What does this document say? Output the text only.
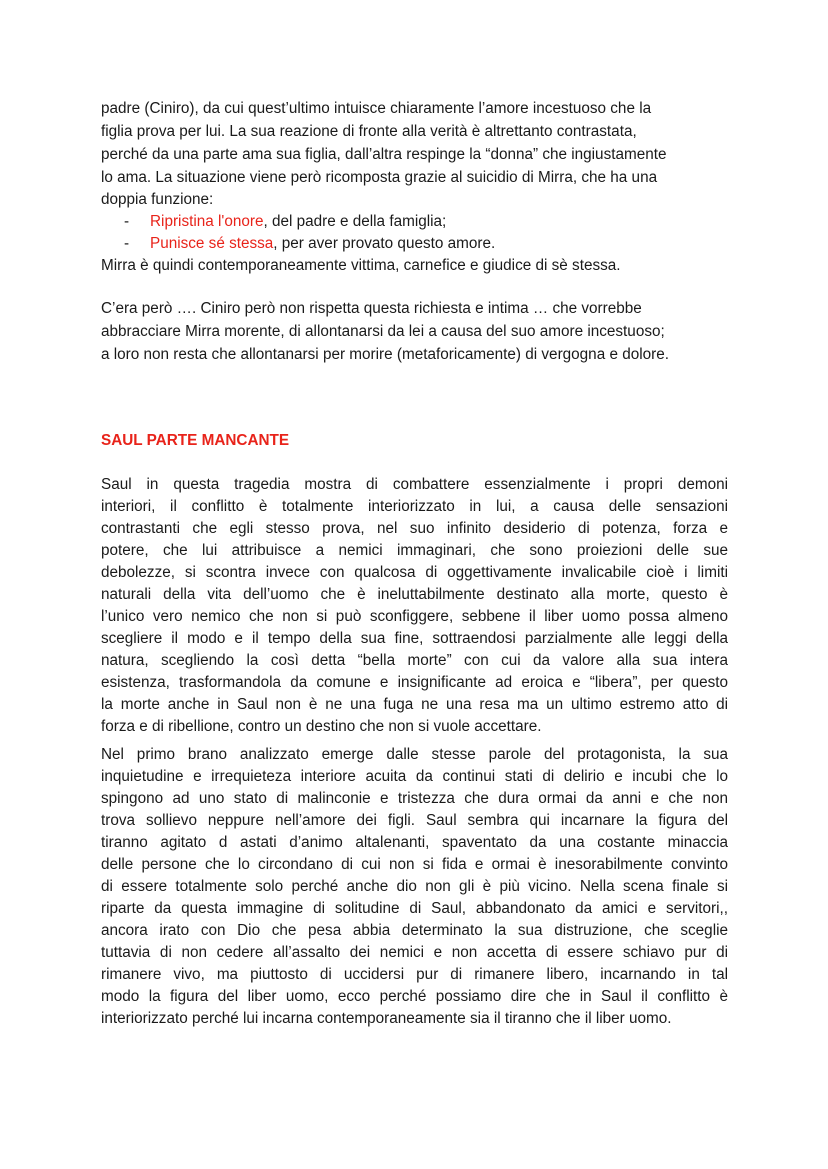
padre (Ciniro), da cui quest’ultimo intuisce chiaramente l’amore incestuoso che la
figlia prova per lui. La sua reazione di fronte alla verità è altrettanto contrastata,
perché da una parte ama sua figlia, dall’altra respinge la “donna” che ingiustamente
lo ama. La situazione viene però ricomposta grazie al suicidio di Mirra, che ha una
doppia funzione:
- Ripristina l'onore, del padre e della famiglia;
- Punisce sé stessa, per aver provato questo amore.
Mirra è quindi contemporaneamente vittima, carnefice e giudice di sè stessa.
C’era però …. Ciniro però non rispetta questa richiesta e intima … che vorrebbe
abbracciare Mirra morente, di allontanarsi da lei a causa del suo amore incestuoso;
a loro non resta che allontanarsi per morire (metaforicamente) di vergogna e dolore.
SAUL PARTE MANCANTE
Saul in questa tragedia mostra di combattere essenzialmente i propri demoni
interiori, il conflitto è totalmente interiorizzato in lui, a causa delle sensazioni
contrastanti che egli stesso prova, nel suo infinito desiderio di potenza, forza e
potere, che lui attribuisce a nemici immaginari, che sono proiezioni delle sue
debolezze, si scontra invece con qualcosa di oggettivamente invalicabile cioè i limiti
naturali della vita dell’uomo che è ineluttabilmente destinato alla morte, questo è
l’unico vero nemico che non si può sconfiggere, sebbene il liber uomo possa almeno
scegliere il modo e il tempo della sua fine, sottraendosi parzialmente alle leggi della
natura, scegliendo la così detta “bella morte” con cui da valore alla sua intera
esistenza, trasformandola da comune e insignificante ad eroica e “libera”, per questo
la morte anche in Saul non è ne una fuga ne una resa ma un ultimo estremo atto di
forza e di ribellione, contro un destino che non si vuole accettare.
Nel primo brano analizzato emerge dalle stesse parole del protagonista, la sua
inquietudine e irrequieteza interiore acuita da continui stati di delirio e incubi che lo
spingono ad uno stato di malinconie e tristezza che dura ormai da anni e che non
trova sollievo neppure nell’amore dei figli. Saul sembra qui incarnare la figura del
tiranno agitato d astati d’animo altalenanti, spaventato da una costante minaccia
delle persone che lo circondano di cui non si fida e ormai è inesorabilmente convinto
di essere totalmente solo perché anche dio non gli è più vicino. Nella scena finale si
riparte da questa immagine di solitudine di Saul, abbandonato da amici e servitori,,
ancora irato con Dio che pesa abbia determinato la sua distruzione, che sceglie
tuttavia di non cedere all’assalto dei nemici e non accetta di essere schiavo pur di
rimanere vivo, ma piuttosto di uccidersi pur di rimanere libero, incarnando in tal
modo la figura del liber uomo, ecco perché possiamo dire che in Saul il conflitto è
interiorizzato perché lui incarna contemporaneamente sia il tiranno che il liber uomo.
